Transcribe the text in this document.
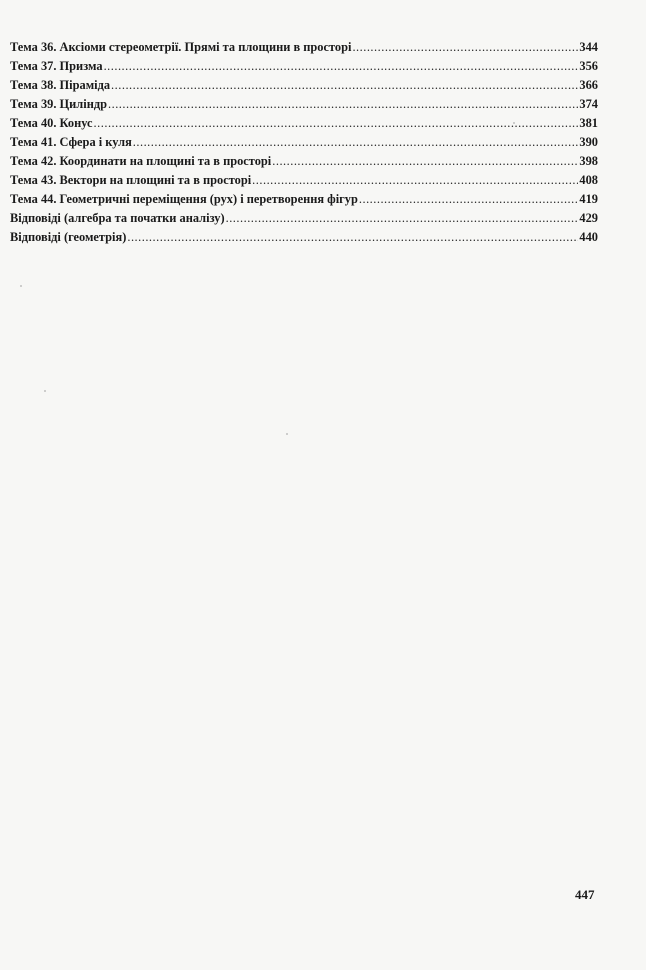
Тема 36. Аксіоми стереометрії. Прямі та площини в просторі .....	344
Тема 37. Призма .....	356
Тема 38. Піраміда .....	366
Тема 39. Циліндр .....	374
Тема 40. Конус .....	381
Тема 41. Сфера і куля .....	390
Тема 42. Координати на площині та в просторі .....	398
Тема 43. Вектори на площині та в просторі .....	408
Тема 44. Геометричні переміщення (рух) і перетворення фігур .....	419
Відповіді (алгебра та початки аналізу) .....	429
Відповіді (геометрія) .....	440
447
